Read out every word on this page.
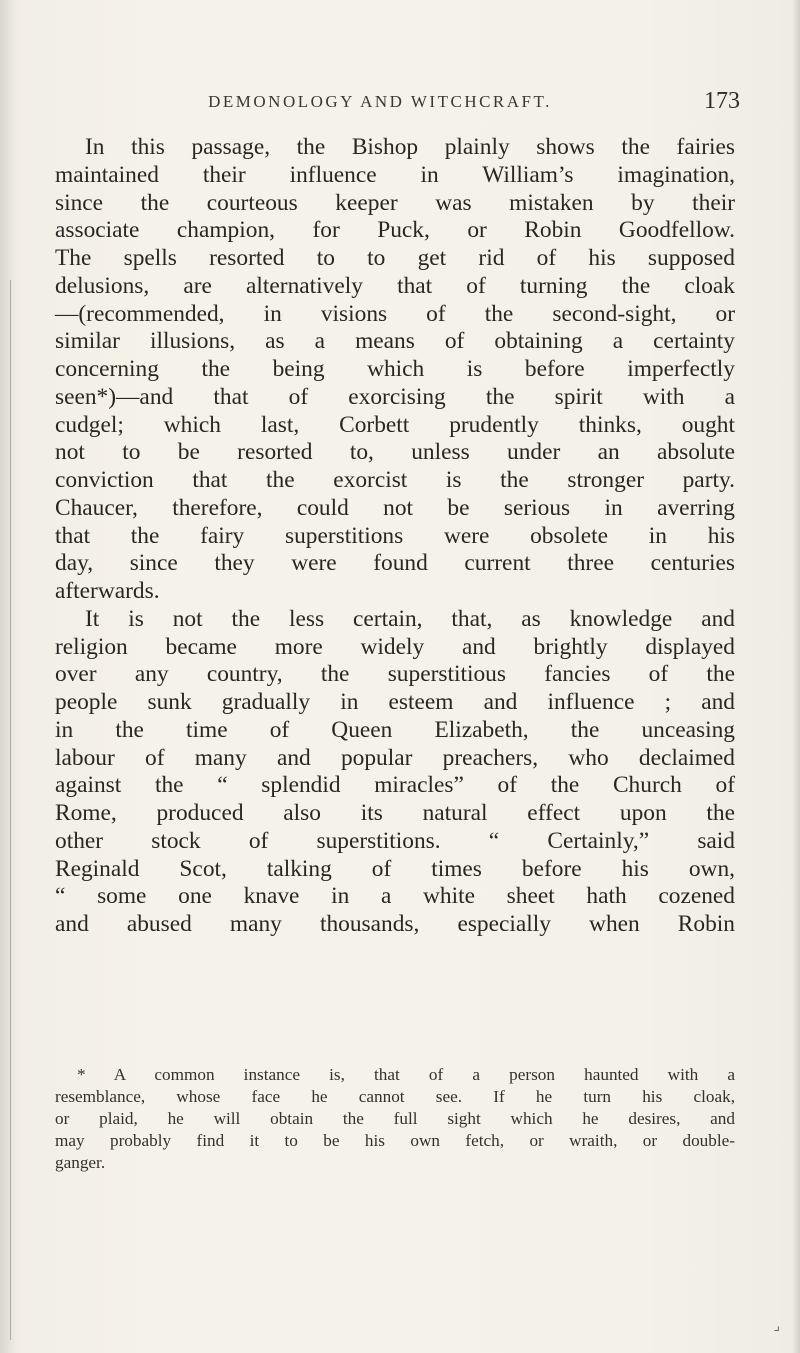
DEMONOLOGY AND WITCHCRAFT.	173
In this passage, the Bishop plainly shows the fairies
maintained their influence in William’s imagination,
since the courteous keeper was mistaken by their
associate champion, for Puck, or Robin Goodfellow.
The spells resorted to to get rid of his supposed
delusions, are alternatively that of turning the cloak
—(recommended, in visions of the second-sight, or
similar illusions, as a means of obtaining a certainty
concerning the being which is before imperfectly
seen*)—and that of exorcising the spirit with a
cudgel; which last, Corbett prudently thinks, ought
not to be resorted to, unless under an absolute
conviction that the exorcist is the stronger party.
Chaucer, therefore, could not be serious in averring
that the fairy superstitions were obsolete in his
day, since they were found current three centuries
afterwards.
It is not the less certain, that, as knowledge and
religion became more widely and brightly displayed
over any country, the superstitious fancies of the
people sunk gradually in esteem and influence ; and
in the time of Queen Elizabeth, the unceasing
labour of many and popular preachers, who declaimed
against the “ splendid miracles” of the Church of
Rome, produced also its natural effect upon the
other stock of superstitions. “ Certainly,” said
Reginald Scot, talking of times before his own,
“ some one knave in a white sheet hath cozened
and abused many thousands, especially when Robin
* A common instance is, that of a person haunted with a
resemblance, whose face he cannot see. If he turn his cloak,
or plaid, he will obtain the full sight which he desires, and
may probably find it to be his own fetch, or wraith, or double-
ganger.
⌟
